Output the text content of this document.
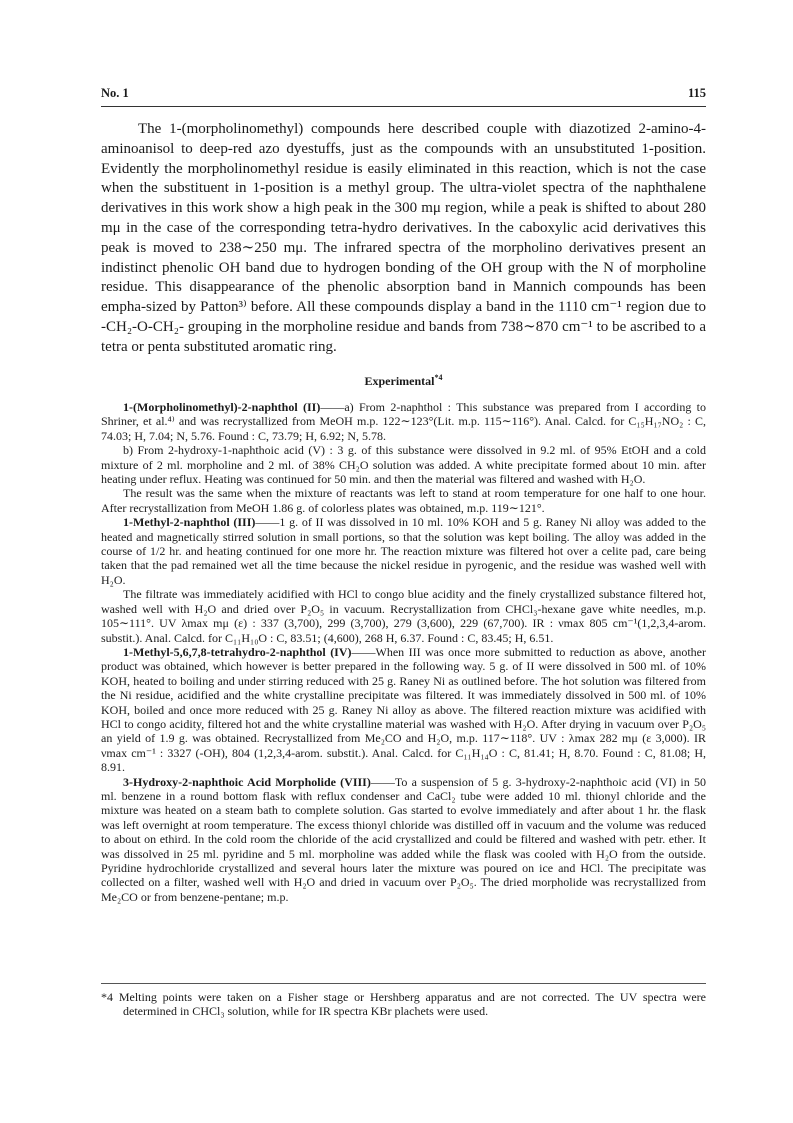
No. 1	115

The 1-(morpholinomethyl) compounds here described couple with diazotized 2-amino-4-aminoanisol to deep-red azo dyestuffs, just as the compounds with an unsubstituted 1-position. Evidently the morpholinomethyl residue is easily eliminated in this reaction, which is not the case when the substituent in 1-position is a methyl group. The ultra-violet spectra of the naphthalene derivatives in this work show a high peak in the 300 mμ region, while a peak is shifted to about 280 mμ in the case of the corresponding tetra-hydro derivatives. In the caboxylic acid derivatives this peak is moved to 238∼250 mμ. The infrared spectra of the morpholino derivatives present an indistinct phenolic OH band due to hydrogen bonding of the OH group with the N of morpholine residue. This disappearance of the phenolic absorption band in Mannich compounds has been empha-sized by Patton³⁾ before. All these compounds display a band in the 1110 cm⁻¹ region due to -CH₂-O-CH₂- grouping in the morpholine residue and bands from 738∼870 cm⁻¹ to be ascribed to a tetra or penta substituted aromatic ring.

Experimental$^{*4}$

1-(Morpholinomethyl)-2-naphthol (II)——a) From 2-naphthol : This substance was prepared from I according to Shriner, et al.⁴⁾ and was recrystallized from MeOH m.p. 122∼123°(Lit. m.p. 115∼116°). Anal. Calcd. for C₁₅H₁₇NO₂ : C, 74.03; H, 7.04; N, 5.76. Found : C, 73.79; H, 6.92; N, 5.78.

b) From 2-hydroxy-1-naphthoic acid (V) : 3 g. of this substance were dissolved in 9.2 ml. of 95% EtOH and a cold mixture of 2 ml. morpholine and 2 ml. of 38% CH₂O solution was added. A white precipitate formed about 10 min. after heating under reflux. Heating was continued for 50 min. and then the material was filtered and washed with H₂O.

The result was the same when the mixture of reactants was left to stand at room temperature for one half to one hour. After recrystallization from MeOH 1.86 g. of colorless plates was obtained, m.p. 119∼121°.

1-Methyl-2-naphthol (III)——1 g. of II was dissolved in 10 ml. 10% KOH and 5 g. Raney Ni alloy was added to the heated and magnetically stirred solution in small portions, so that the solution was kept boiling. The alloy was added in the course of 1/2 hr. and heating continued for one more hr. The reaction mixture was filtered hot over a celite pad, care being taken that the pad remained wet all the time because the nickel residue in pyrogenic, and the residue was washed well with H₂O.

The filtrate was immediately acidified with HCl to congo blue acidity and the finely crystallized substance filtered hot, washed well with H₂O and dried over P₂O₅ in vacuum. Recrystallization from CHCl₃-hexane gave white needles, m.p. 105∼111°. UV λmax mμ (ε) : 337 (3,700), 299 (3,700), 279 (3,600), 229 (67,700). IR : νmax 805 cm⁻¹(1,2,3,4-arom. substit.). Anal. Calcd. for C₁₁H₁₀O : C, 83.51; (4,600), 268 H, 6.37. Found : C, 83.45; H, 6.51.

1-Methyl-5,6,7,8-tetrahydro-2-naphthol (IV)——When III was once more submitted to reduction as above, another product was obtained, which however is better prepared in the following way. 5 g. of II were dissolved in 500 ml. of 10% KOH, heated to boiling and under stirring reduced with 25 g. Raney Ni as outlined before. The hot solution was filtered from the Ni residue, acidified and the white crystalline precipitate was filtered. It was immediately dissolved in 500 ml. of 10% KOH, boiled and once more reduced with 25 g. Raney Ni alloy as above. The filtered reaction mixture was acidified with HCl to congo acidity, filtered hot and the white crystalline material was washed with H₂O. After drying in vacuum over P₂O₅ an yield of 1.9 g. was obtained. Recrystallized from Me₂CO and H₂O, m.p. 117∼118°. UV : λmax 282 mμ (ε 3,000). IR νmax cm⁻¹ : 3327 (-OH), 804 (1,2,3,4-arom. substit.). Anal. Calcd. for C₁₁H₁₄O : C, 81.41; H, 8.70. Found : C, 81.08; H, 8.91.

3-Hydroxy-2-naphthoic Acid Morpholide (VIII)——To a suspension of 5 g. 3-hydroxy-2-naphthoic acid (VI) in 50 ml. benzene in a round bottom flask with reflux condenser and CaCl₂ tube were added 10 ml. thionyl chloride and the mixture was heated on a steam bath to complete solution. Gas started to evolve immediately and after about 1 hr. the flask was left overnight at room temperature. The excess thionyl chloride was distilled off in vacuum and the volume was reduced to about on ethird. In the cold room the chloride of the acid crystallized and could be filtered and washed with petr. ether. It was dissolved in 25 ml. pyridine and 5 ml. morpholine was added while the flask was cooled with H₂O from the outside. Pyridine hydrochloride crystallized and several hours later the mixture was poured on ice and HCl. The precipitate was collected on a filter, washed well with H₂O and dried in vacuum over P₂O₅. The dried morpholide was recrystallized from Me₂CO or from benzene-pentane; m.p.

*4 Melting points were taken on a Fisher stage or Hershberg apparatus and are not corrected. The UV spectra were determined in CHCl₃ solution, while for IR spectra KBr plachets were used.
